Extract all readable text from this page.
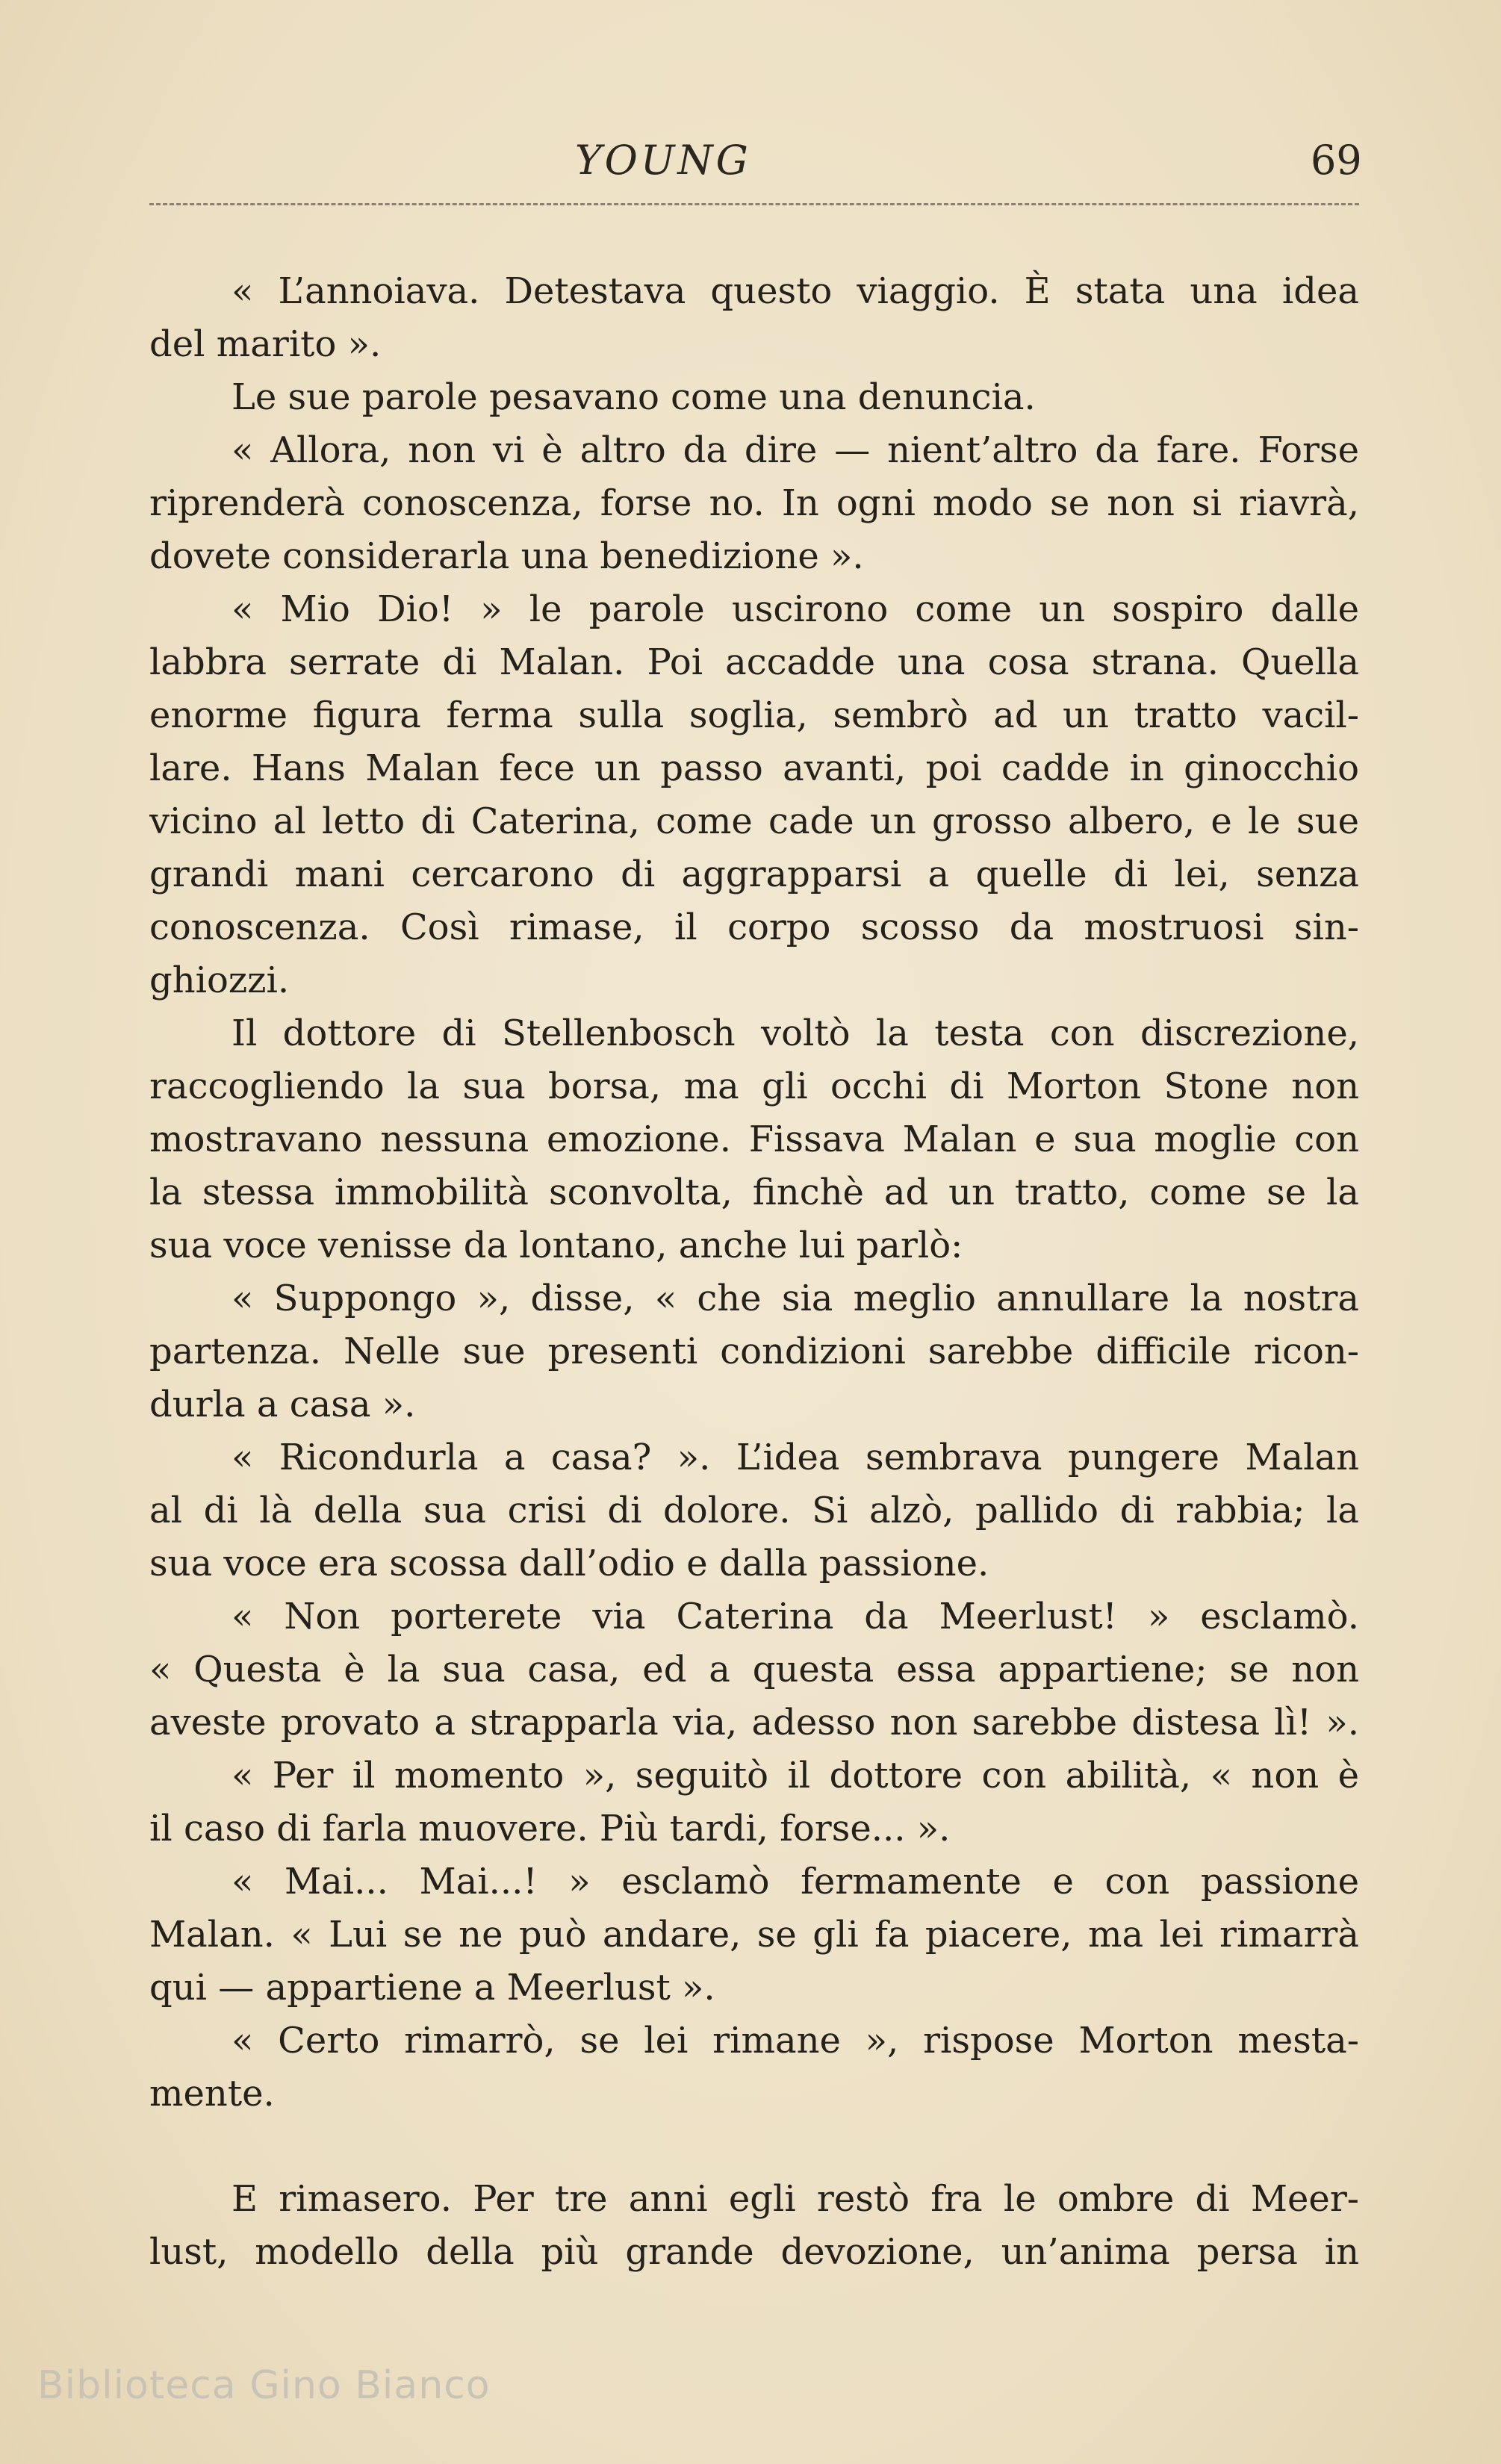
YOUNG	69
« L’annoiava. Detestava questo viaggio. È stata una idea
del marito ».
Le sue parole pesavano come una denuncia.
« Allora, non vi è altro da dire — nient’altro da fare. Forse
riprenderà conoscenza, forse no. In ogni modo se non si riavrà,
dovete considerarla una benedizione ».
« Mio Dio! » le parole uscirono come un sospiro dalle
labbra serrate di Malan. Poi accadde una cosa strana. Quella
enorme figura ferma sulla soglia, sembrò ad un tratto vacil-
lare. Hans Malan fece un passo avanti, poi cadde in ginocchio
vicino al letto di Caterina, come cade un grosso albero, e le sue
grandi mani cercarono di aggrapparsi a quelle di lei, senza
conoscenza. Così rimase, il corpo scosso da mostruosi sin-
ghiozzi.
Il dottore di Stellenbosch voltò la testa con discrezione,
raccogliendo la sua borsa, ma gli occhi di Morton Stone non
mostravano nessuna emozione. Fissava Malan e sua moglie con
la stessa immobilità sconvolta, finchè ad un tratto, come se la
sua voce venisse da lontano, anche lui parlò:
« Suppongo », disse, « che sia meglio annullare la nostra
partenza. Nelle sue presenti condizioni sarebbe difficile ricon-
durla a casa ».
« Ricondurla a casa? ». L’idea sembrava pungere Malan
al di là della sua crisi di dolore. Si alzò, pallido di rabbia; la
sua voce era scossa dall’odio e dalla passione.
« Non porterete via Caterina da Meerlust! » esclamò.
« Questa è la sua casa, ed a questa essa appartiene; se non
aveste provato a strapparla via, adesso non sarebbe distesa lì! ».
« Per il momento », seguitò il dottore con abilità, « non è
il caso di farla muovere. Più tardi, forse... ».
« Mai... Mai...! » esclamò fermamente e con passione
Malan. « Lui se ne può andare, se gli fa piacere, ma lei rimarrà
qui — appartiene a Meerlust ».
« Certo rimarrò, se lei rimane », rispose Morton mesta-
mente.
E rimasero. Per tre anni egli restò fra le ombre di Meer-
lust, modello della più grande devozione, un’anima persa in
Biblioteca Gino Bianco
